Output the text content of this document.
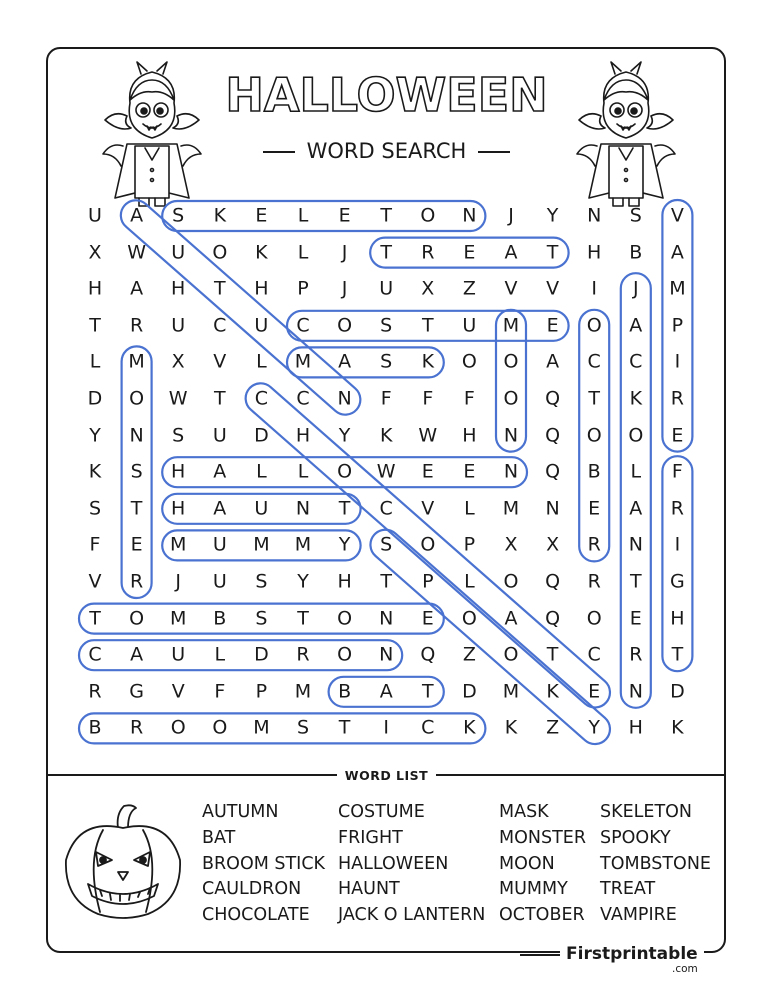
HALLOWEEN
WORD SEARCH
U	A	S	K	E	L	E	T	O	N	J	Y	N	S	V
X	W	U	O	K	L	J	T	R	E	A	T	H	B	A
H	A	H	T	H	P	J	U	X	Z	V	V	I	J	M
T	R	U	C	U	C	O	S	T	U	M	E	O	A	P
L	M	X	V	L	M	A	S	K	O	O	A	C	C	I
D	O	W	T	C	C	N	F	F	F	O	Q	T	K	R
Y	N	S	U	D	H	Y	K	W	H	N	Q	O	O	E
K	S	H	A	L	L	O	W	E	E	N	Q	B	L	F
S	T	H	A	U	N	T	C	V	L	M	N	E	A	R
F	E	M	U	M	M	Y	S	O	P	X	X	R	N	I
V	R	J	U	S	Y	H	T	P	L	O	Q	R	T	G
T	O	M	B	S	T	O	N	E	O	A	Q	O	E	H
C	A	U	L	D	R	O	N	Q	Z	O	T	C	R	T
R	G	V	F	P	M	B	A	T	D	M	K	E	N	D
B	R	O	O	M	S	T	I	C	K	K	Z	Y	H	K
WORD LIST
AUTUMN
BAT
BROOM STICK
CAULDRON
CHOCOLATE
COSTUME
FRIGHT
HALLOWEEN
HAUNT
JACK O LANTERN
MASK
MONSTER
MOON
MUMMY
OCTOBER
SKELETON
SPOOKY
TOMBSTONE
TREAT
VAMPIRE
Firstprintable
.com
